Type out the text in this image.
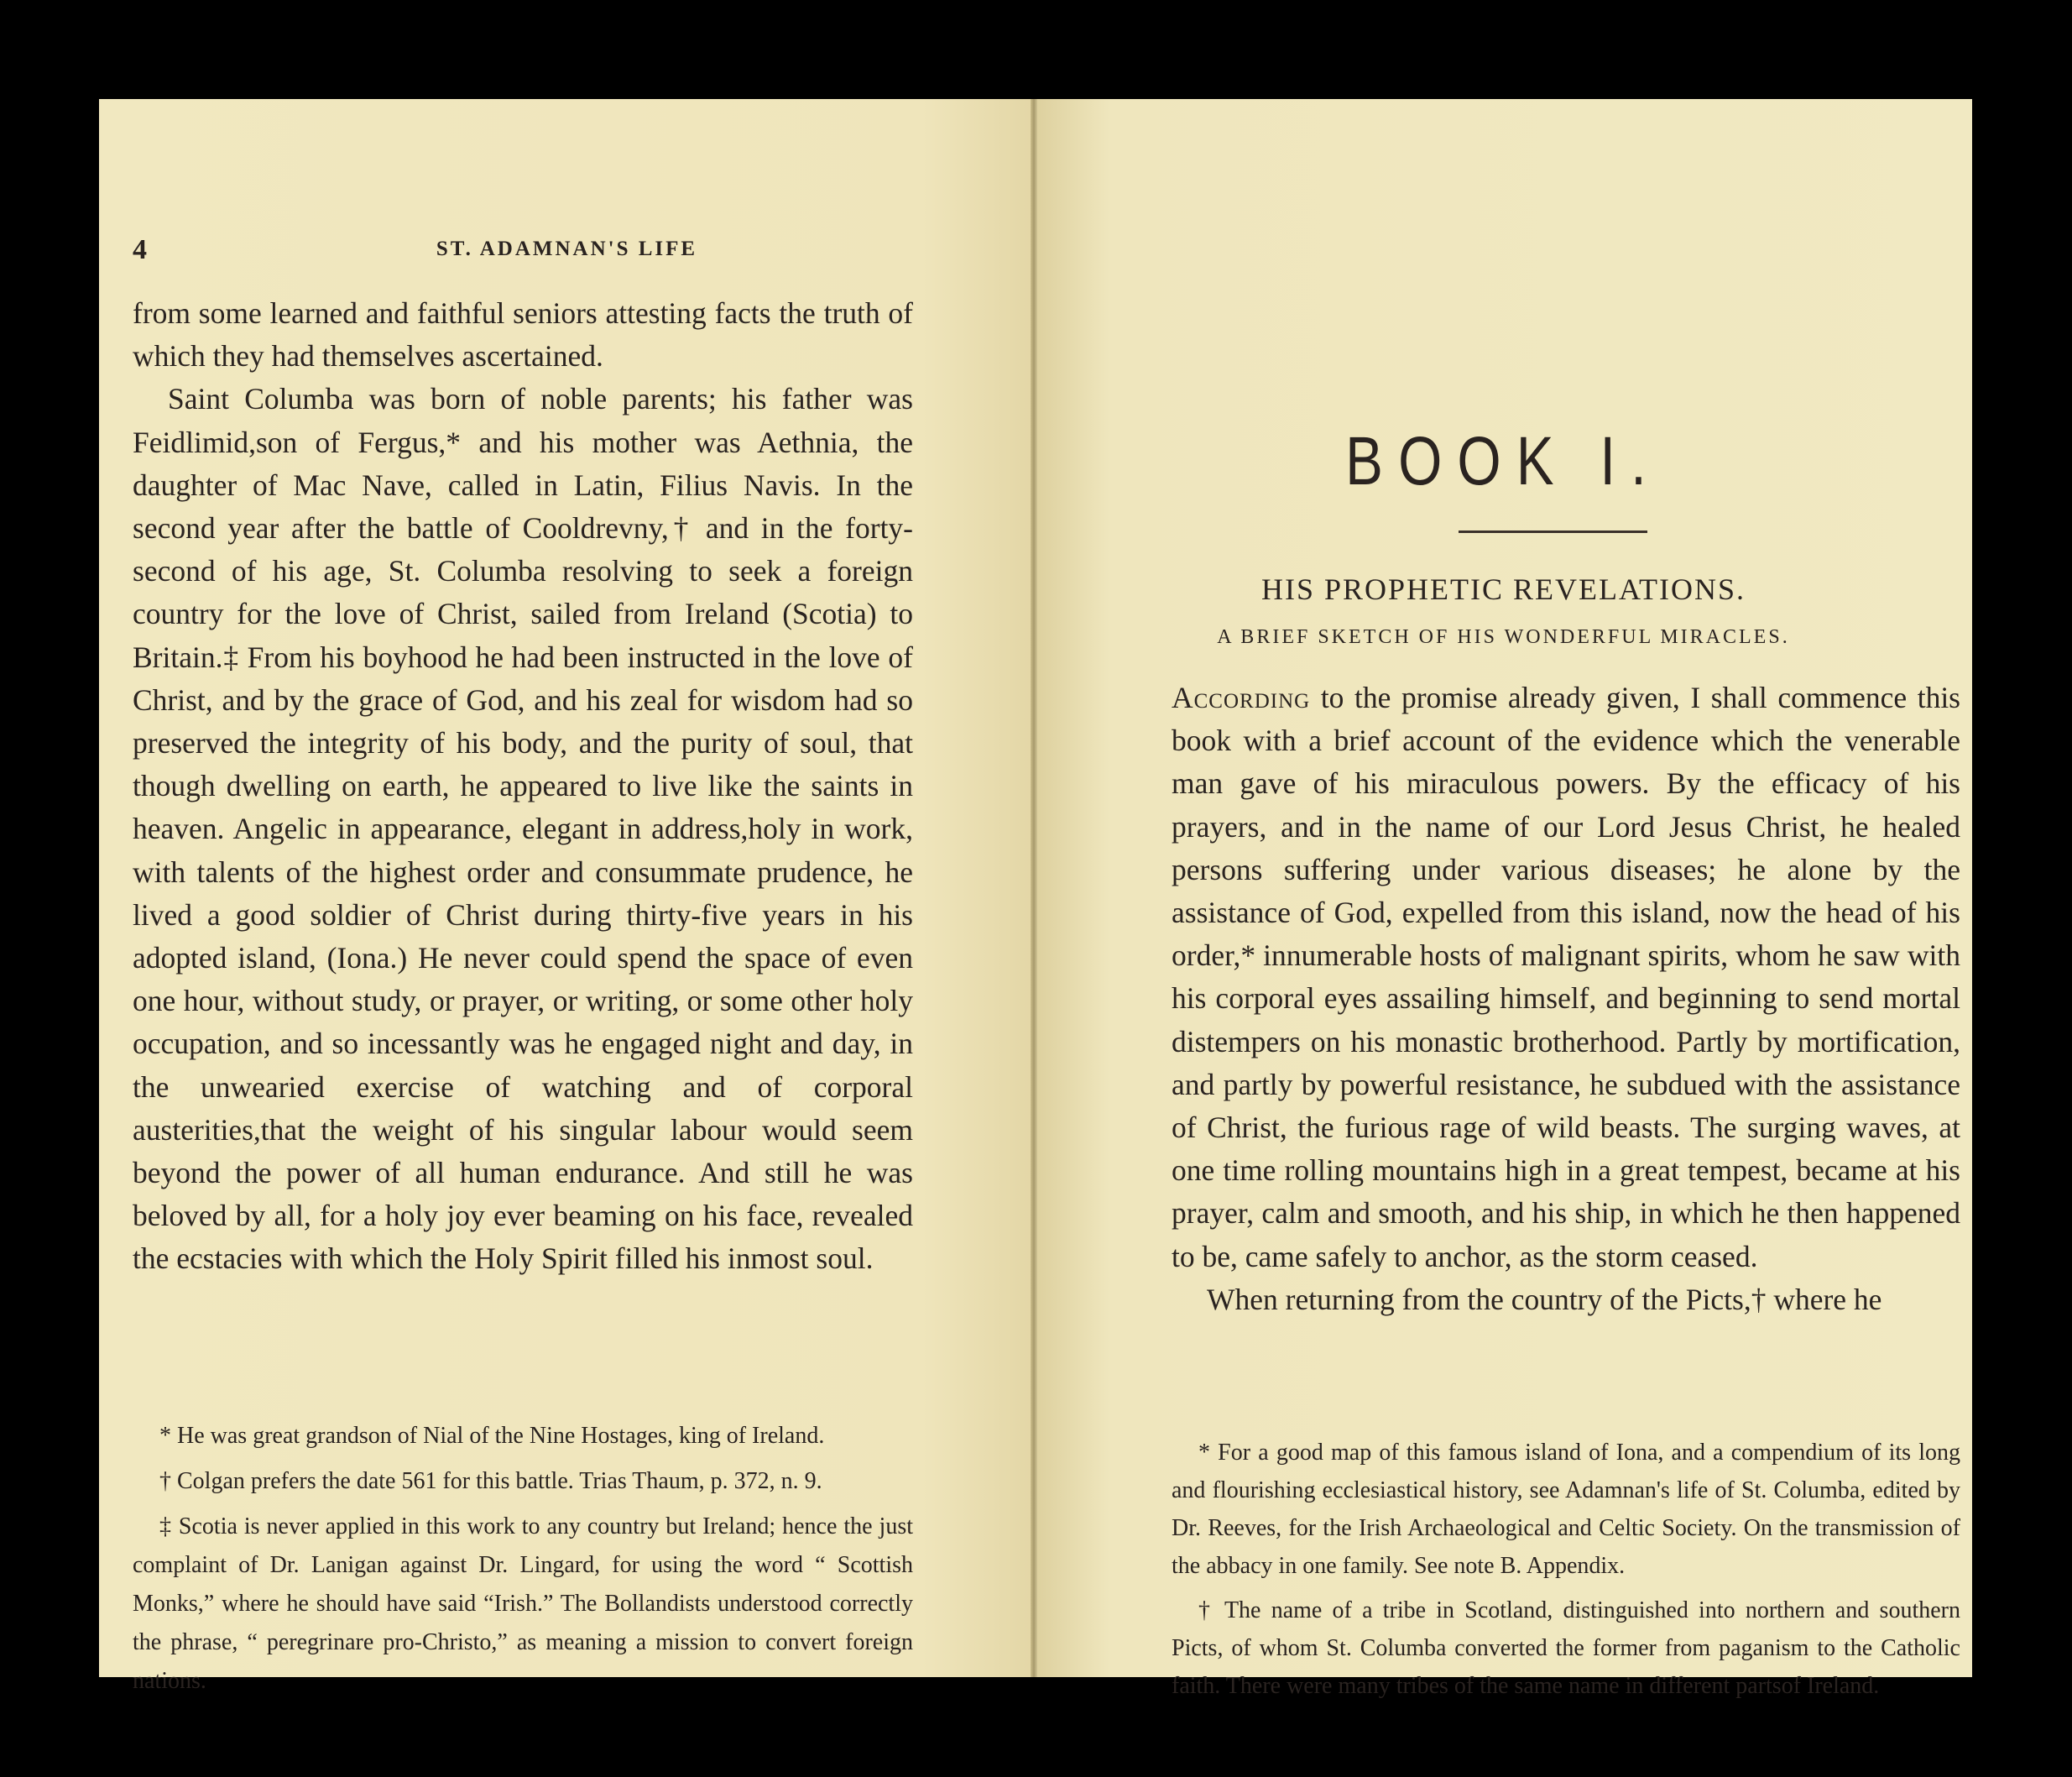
4	ST. ADAMNAN'S LIFE

from some learned and faithful seniors attesting facts the truth of which they had themselves ascertained.

Saint Columba was born of noble parents; his father was Feidlimid,son of Fergus,* and his mother was Aethnia, the daughter of Mac Nave, called in Latin, Filius Navis. In the second year after the battle of Cooldrevny,† and in the forty-second of his age, St. Columba resolving to seek a foreign country for the love of Christ, sailed from Ireland (Scotia) to Britain.‡ From his boyhood he had been instructed in the love of Christ, and by the grace of God, and his zeal for wisdom had so preserved the integrity of his body, and the purity of soul, that though dwelling on earth, he appeared to live like the saints in heaven. Angelic in appearance, elegant in address,holy in work, with talents of the highest order and consummate prudence, he lived a good soldier of Christ during thirty-five years in his adopted island, (Iona.) He never could spend the space of even one hour, without study, or prayer, or writing, or some other holy occupation, and so incessantly was he engaged night and day, in the unwearied exercise of watching and of corporal austerities,that the weight of his singular labour would seem beyond the power of all human endurance. And still he was beloved by all, for a holy joy ever beaming on his face, revealed the ecstacies with which the Holy Spirit filled his inmost soul.

* He was great grandson of Nial of the Nine Hostages, king of Ireland.

† Colgan prefers the date 561 for this battle. Trias Thaum, p. 372, n. 9.

‡ Scotia is never applied in this work to any country but Ireland; hence the just complaint of Dr. Lanigan against Dr. Lingard, for using the word “ Scottish Monks,” where he should have said “Irish.” The Bollandists understood correctly the phrase, “ peregrinare pro-Christo,” as meaning a mission to convert foreign nations.

BOOK I.
HIS PROPHETIC REVELATIONS.
A BRIEF SKETCH OF HIS WONDERFUL MIRACLES.

According to the promise already given, I shall commence this book with a brief account of the evidence which the venerable man gave of his miraculous powers. By the efficacy of his prayers, and in the name of our Lord Jesus Christ, he healed persons suffering under various diseases; he alone by the assistance of God, expelled from this island, now the head of his order,* innumerable hosts of malignant spirits, whom he saw with his corporal eyes assailing himself, and beginning to send mortal distempers on his monastic brotherhood. Partly by mortification, and partly by powerful resistance, he subdued with the assistance of Christ, the furious rage of wild beasts. The surging waves, at one time rolling mountains high in a great tempest, became at his prayer, calm and smooth, and his ship, in which he then happened to be, came safely to anchor, as the storm ceased.

When returning from the country of the Picts,† where he

* For a good map of this famous island of Iona, and a compendium of its long and flourishing ecclesiastical history, see Adamnan's life of St. Columba, edited by Dr. Reeves, for the Irish Archaeological and Celtic Society. On the transmission of the abbacy in one family. See note B. Appendix.

† The name of a tribe in Scotland, distinguished into northern and southern Picts, of whom St. Columba converted the former from paganism to the Catholic faith. There were many tribes of the same name in different partsof Ireland.
